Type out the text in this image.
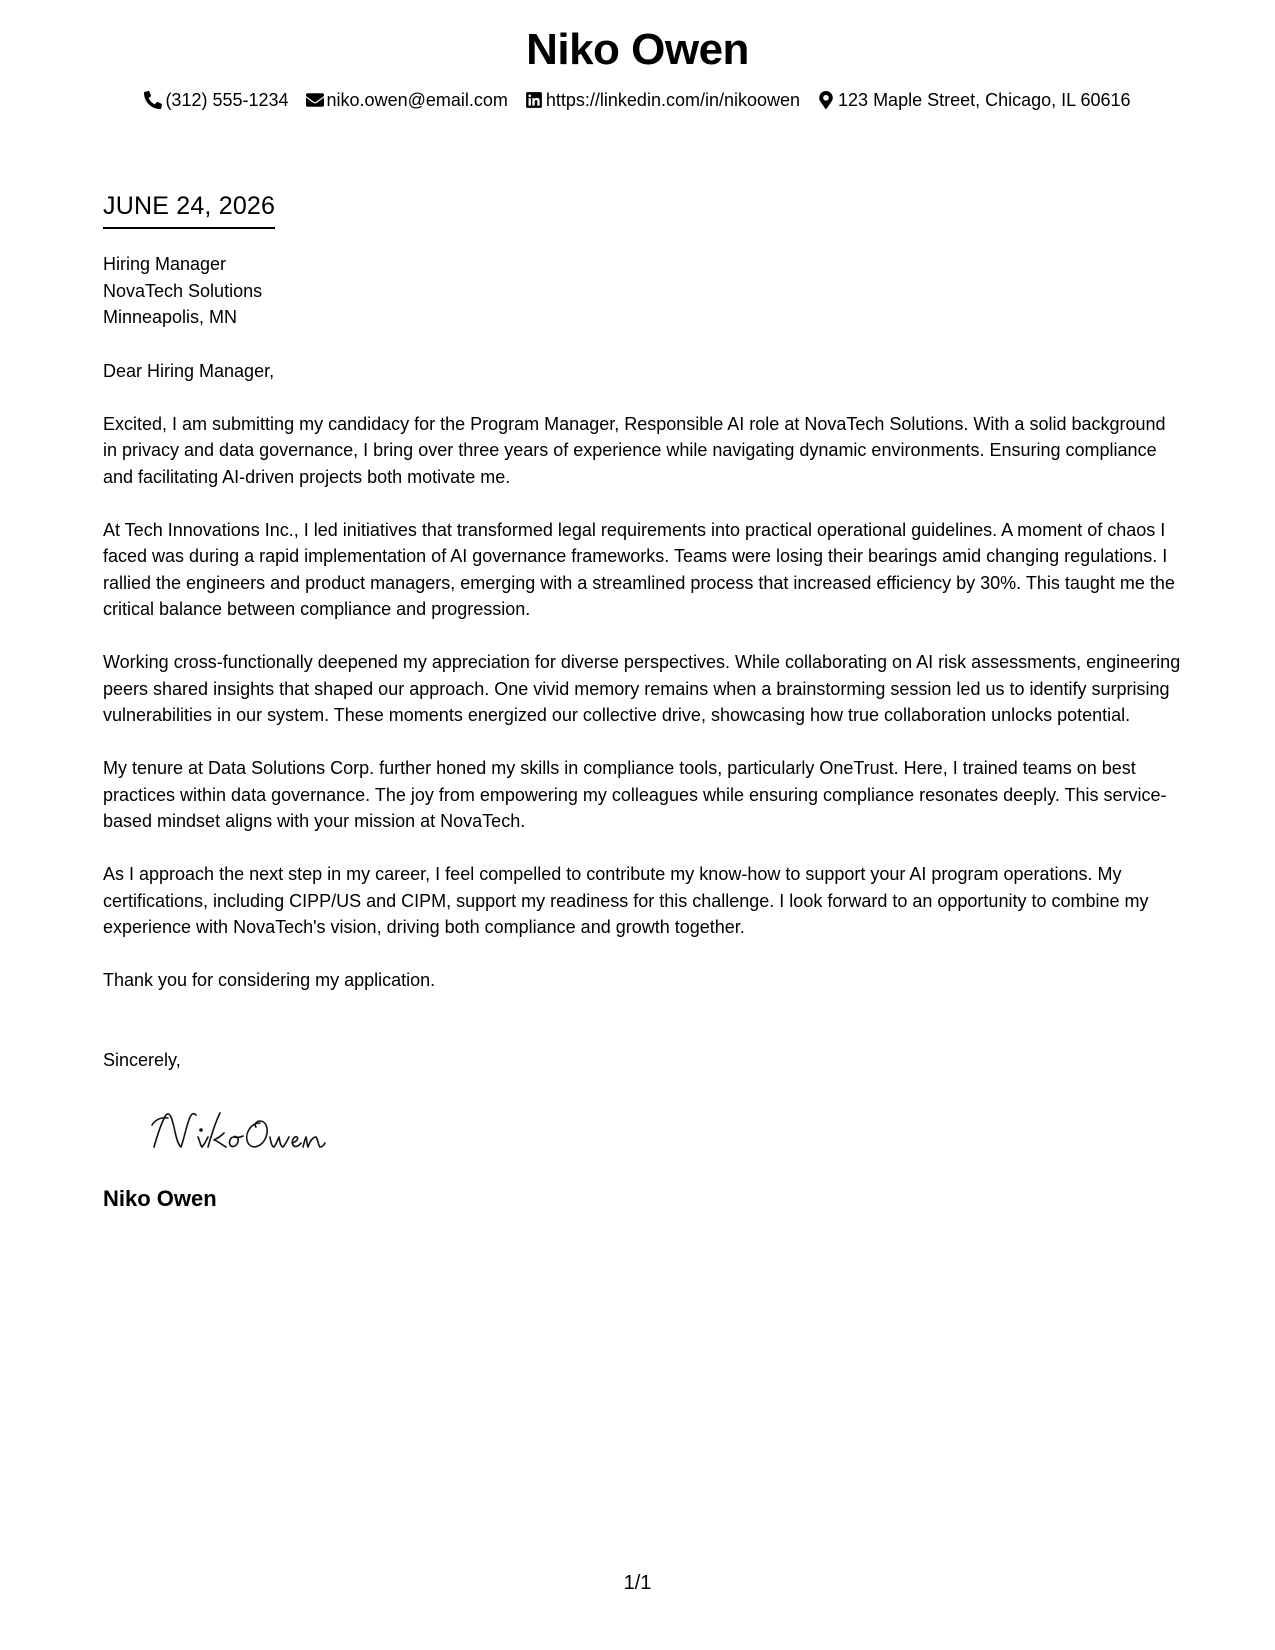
Niko Owen
(312) 555-1234 niko.owen@email.com https://linkedin.com/in/nikoowen 123 Maple Street, Chicago, IL 60616
JUNE 24, 2026
Hiring Manager
NovaTech Solutions
Minneapolis, MN
Dear Hiring Manager,
Excited, I am submitting my candidacy for the Program Manager, Responsible AI role at NovaTech Solutions. With a solid background in privacy and data governance, I bring over three years of experience while navigating dynamic environments. Ensuring compliance and facilitating AI-driven projects both motivate me.
At Tech Innovations Inc., I led initiatives that transformed legal requirements into practical operational guidelines. A moment of chaos I faced was during a rapid implementation of AI governance frameworks. Teams were losing their bearings amid changing regulations. I rallied the engineers and product managers, emerging with a streamlined process that increased efficiency by 30%. This taught me the critical balance between compliance and progression.
Working cross-functionally deepened my appreciation for diverse perspectives. While collaborating on AI risk assessments, engineering peers shared insights that shaped our approach. One vivid memory remains when a brainstorming session led us to identify surprising vulnerabilities in our system. These moments energized our collective drive, showcasing how true collaboration unlocks potential.
My tenure at Data Solutions Corp. further honed my skills in compliance tools, particularly OneTrust. Here, I trained teams on best practices within data governance. The joy from empowering my colleagues while ensuring compliance resonates deeply. This service-based mindset aligns with your mission at NovaTech.
As I approach the next step in my career, I feel compelled to contribute my know-how to support your AI program operations. My certifications, including CIPP/US and CIPM, support my readiness for this challenge. I look forward to an opportunity to combine my experience with NovaTech's vision, driving both compliance and growth together.
Thank you for considering my application.
Sincerely,
Niko Owen
1/1
